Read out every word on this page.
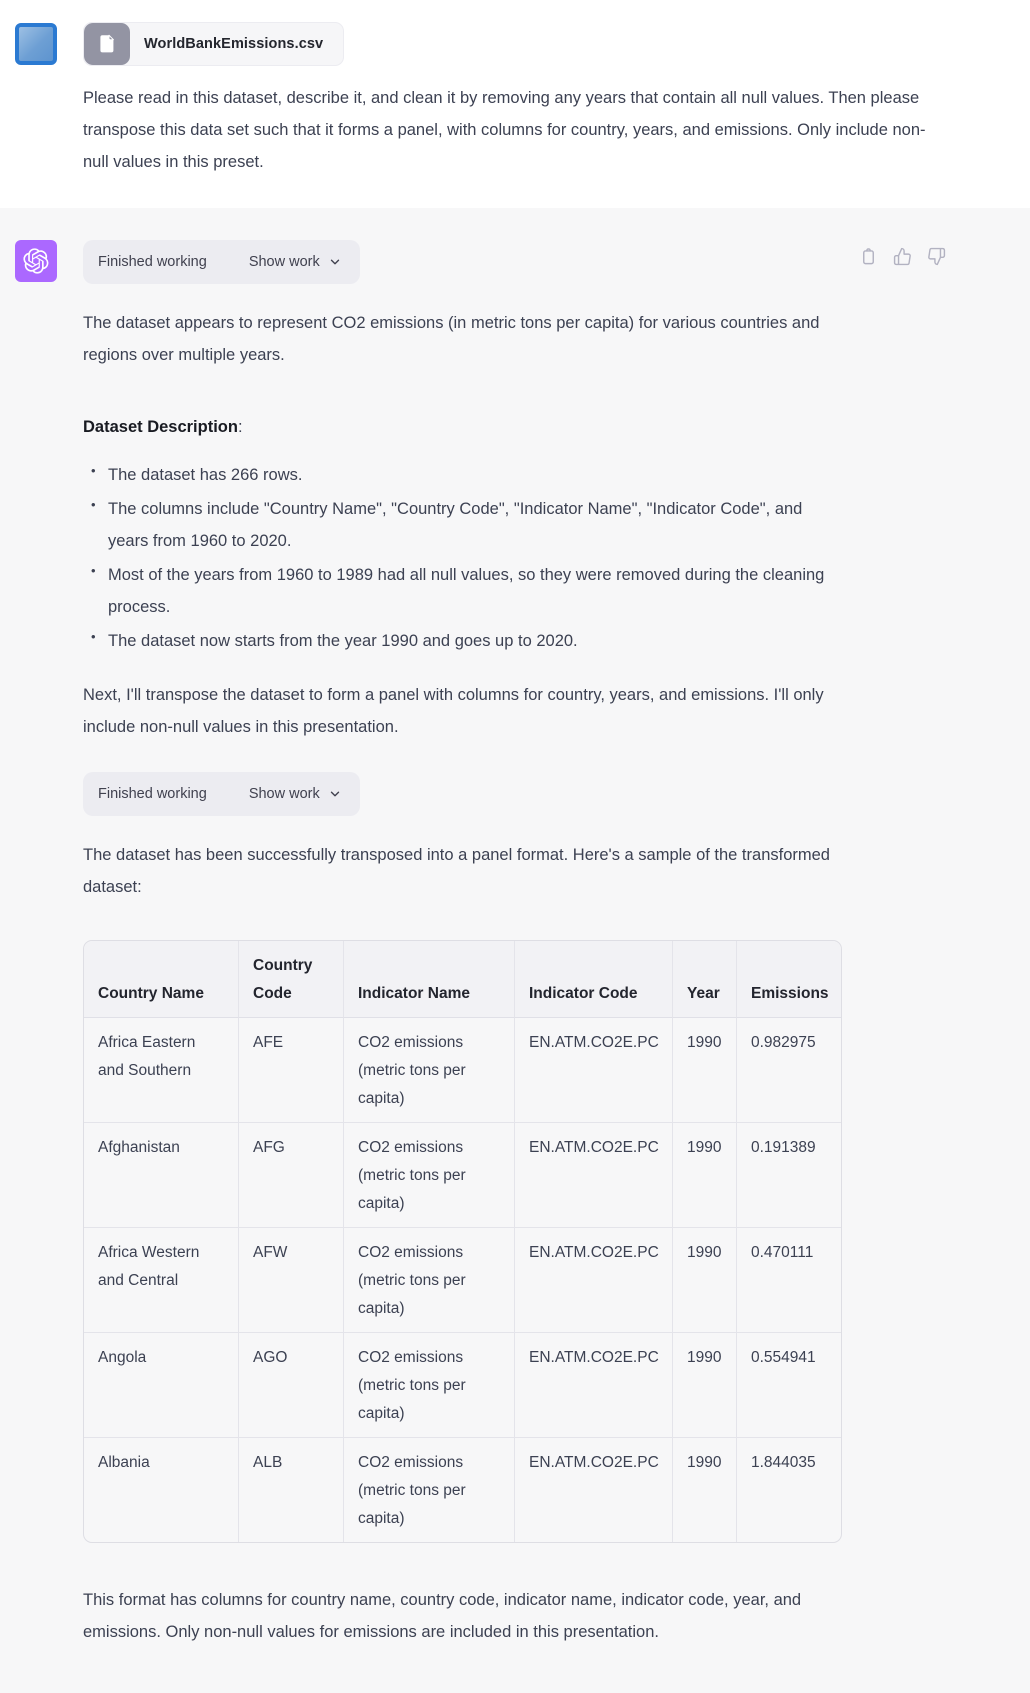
WorldBankEmissions.csv

Please read in this dataset, describe it, and clean it by removing any years that contain all null values. Then please transpose this data set such that it forms a panel, with columns for country, years, and emissions. Only include non-null values in this preset.

Finished working	Show work

The dataset appears to represent CO2 emissions (in metric tons per capita) for various countries and regions over multiple years.

Dataset Description:

• The dataset has 266 rows.
• The columns include "Country Name", "Country Code", "Indicator Name", "Indicator Code", and years from 1960 to 2020.
• Most of the years from 1960 to 1989 had all null values, so they were removed during the cleaning process.
• The dataset now starts from the year 1990 and goes up to 2020.

Next, I'll transpose the dataset to form a panel with columns for country, years, and emissions. I'll only include non-null values in this presentation.

Finished working	Show work

The dataset has been successfully transposed into a panel format. Here's a sample of the transformed dataset:

Country Name	Country Code	Indicator Name	Indicator Code	Year	Emissions
Africa Eastern and Southern	AFE	CO2 emissions (metric tons per capita)	EN.ATM.CO2E.PC	1990	0.982975
Afghanistan	AFG	CO2 emissions (metric tons per capita)	EN.ATM.CO2E.PC	1990	0.191389
Africa Western and Central	AFW	CO2 emissions (metric tons per capita)	EN.ATM.CO2E.PC	1990	0.470111
Angola	AGO	CO2 emissions (metric tons per capita)	EN.ATM.CO2E.PC	1990	0.554941
Albania	ALB	CO2 emissions (metric tons per capita)	EN.ATM.CO2E.PC	1990	1.844035

This format has columns for country name, country code, indicator name, indicator code, year, and emissions. Only non-null values for emissions are included in this presentation.
